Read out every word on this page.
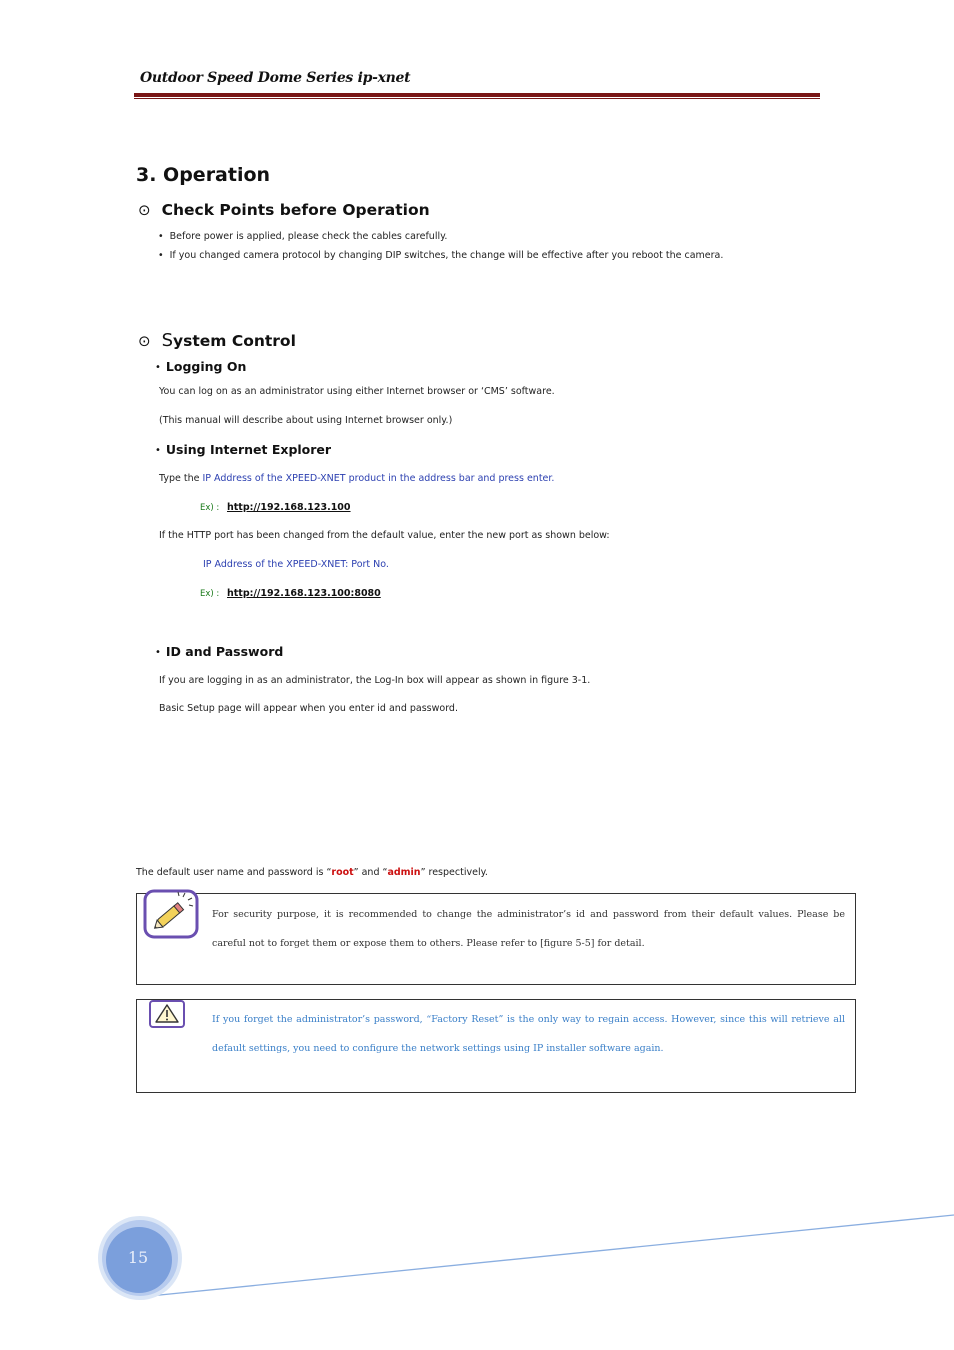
Outdoor Speed Dome Series ip-xnet
3. Operation
⊙ Check Points before Operation
• Before power is applied, please check the cables carefully.
• If you changed camera protocol by changing DIP switches, the change will be effective after you reboot the camera.
⊙ System Control
• Logging On
You can log on as an administrator using either Internet browser or ‘CMS’ software.
(This manual will describe about using Internet browser only.)
• Using Internet Explorer
Type the IP Address of the XPEED-XNET product in the address bar and press enter.
Ex) : http://192.168.123.100
If the HTTP port has been changed from the default value, enter the new port as shown below:
IP Address of the XPEED-XNET: Port No.
Ex) : http://192.168.123.100:8080
• ID and Password
If you are logging in as an administrator, the Log-In box will appear as shown in figure 3-1.
Basic Setup page will appear when you enter id and password.
The default user name and password is “root” and “admin” respectively.
For security purpose, it is recommended to change the administrator’s id and password from their default values. Please be careful not to forget them or expose them to others. Please refer to [figure 5-5] for detail.
If you forget the administrator’s password, “Factory Reset” is the only way to regain access. However, since this will retrieve all default settings, you need to configure the network settings using IP installer software again.
15
